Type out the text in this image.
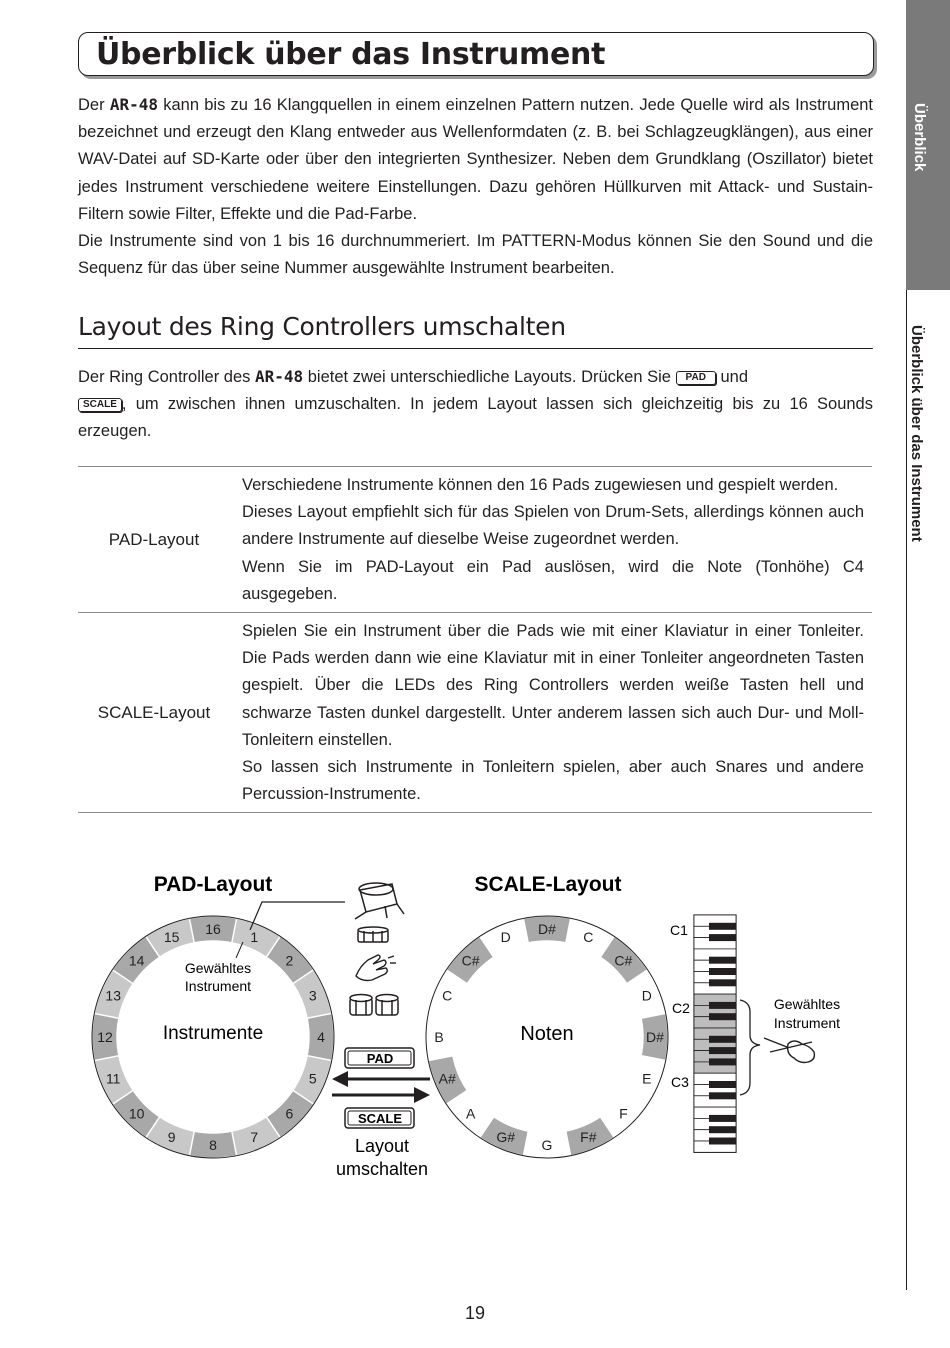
Überblick über das Instrument

Der AR-48 kann bis zu 16 Klangquellen in einem einzelnen Pattern nutzen. Jede Quelle wird als Instrument bezeichnet und erzeugt den Klang entweder aus Wellenformdaten (z. B. bei Schlagzeugklängen), aus einer WAV-Datei auf SD-Karte oder über den integrierten Synthesizer. Neben dem Grundklang (Oszillator) bietet jedes Instrument verschiedene weitere Einstellungen. Dazu gehören Hüllkurven mit Attack- und Sustain-Filtern sowie Filter, Effekte und die Pad-Farbe.

Die Instrumente sind von 1 bis 16 durchnummeriert. Im PATTERN-Modus können Sie den Sound und die Sequenz für das über seine Nummer ausgewählte Instrument bearbeiten.

Layout des Ring Controllers umschalten

Der Ring Controller des AR-48 bietet zwei unterschiedliche Layouts. Drücken Sie PAD und
SCALE , um zwischen ihnen umzuschalten. In jedem Layout lassen sich gleichzeitig bis zu 16 Sounds erzeugen.

PAD-Layout	Verschiedene Instrumente können den 16 Pads zugewiesen und gespielt werden.

Dieses Layout empfiehlt sich für das Spielen von Drum-Sets, allerdings können auch andere Instrumente auf dieselbe Weise zugeordnet werden.

Wenn Sie im PAD-Layout ein Pad auslösen, wird die Note (Tonhöhe) C4 ausgegeben.

SCALE-Layout	Spielen Sie ein Instrument über die Pads wie mit einer Klaviatur in einer Tonleiter. Die Pads werden dann wie eine Klaviatur mit in einer Tonleiter angeordneten Tasten gespielt. Über die LEDs des Ring Controllers werden weiße Tasten hell und schwarze Tasten dunkel dargestellt. Unter anderem lassen sich auch Dur- und Moll-Tonleitern einstellen.

So lassen sich Instrumente in Tonleitern spielen, aber auch Snares und andere Percussion-Instrumente.

1
2
3
4
5
6
7
8
9
10
11
12
13
14
15
16
C
C#
D
D#
E
F
F#
G
G#
A
A#
B
C
C#
D
D#
PAD-Layout	SCALE-Layout
Instrumente
Gewähltes
Instrument
Noten
PAD
SCALE
Layout
umschalten
C1
C2
C3
Gewähltes
Instrument
Überblick
Überblick über das Instrument
19
